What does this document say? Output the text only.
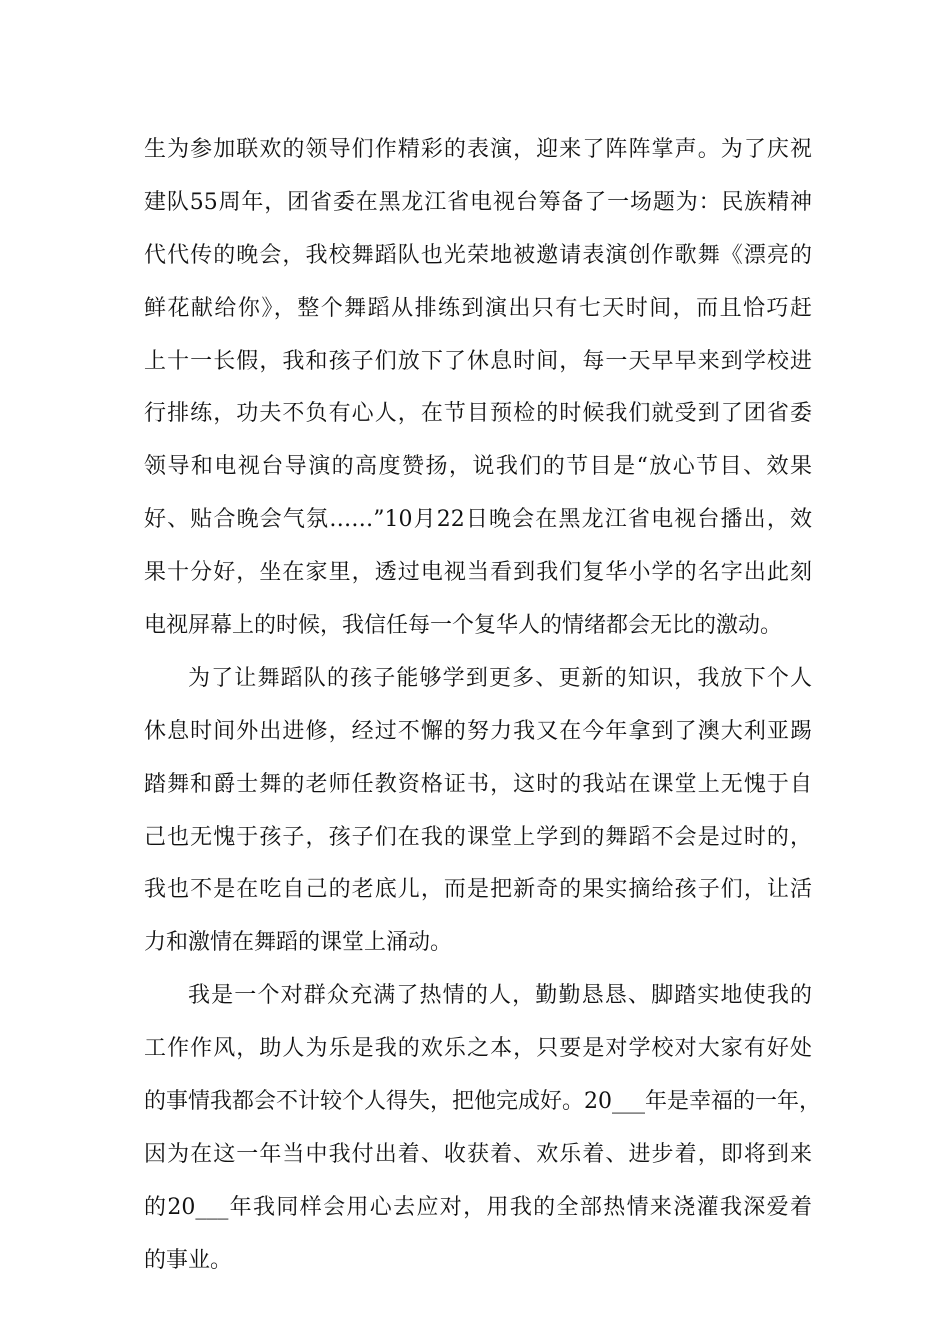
生为参加联欢的领导们作精彩的表演，迎来了阵阵掌声。为了庆祝
建队55周年，团省委在黑龙江省电视台筹备了一场题为：民族精神
代代传的晚会，我校舞蹈队也光荣地被邀请表演创作歌舞《漂亮的
鲜花献给你》，整个舞蹈从排练到演出只有七天时间，而且恰巧赶
上十一长假，我和孩子们放下了休息时间，每一天早早来到学校进
行排练，功夫不负有心人，在节目预检的时候我们就受到了团省委
领导和电视台导演的高度赞扬，说我们的节目是“放心节目、效果
好、贴合晚会气氛……”10月22日晚会在黑龙江省电视台播出，效
果十分好，坐在家里，透过电视当看到我们复华小学的名字出此刻
电视屏幕上的时候，我信任每一个复华人的情绪都会无比的激动。
为了让舞蹈队的孩子能够学到更多、更新的知识，我放下个人
休息时间外出进修，经过不懈的努力我又在今年拿到了澳大利亚踢
踏舞和爵士舞的老师任教资格证书，这时的我站在课堂上无愧于自
己也无愧于孩子，孩子们在我的课堂上学到的舞蹈不会是过时的，
我也不是在吃自己的老底儿，而是把新奇的果实摘给孩子们，让活
力和激情在舞蹈的课堂上涌动。
我是一个对群众充满了热情的人，勤勤恳恳、脚踏实地使我的
工作作风，助人为乐是我的欢乐之本，只要是对学校对大家有好处
的事情我都会不计较个人得失，把他完成好。20___年是幸福的一年，
因为在这一年当中我付出着、收获着、欢乐着、进步着，即将到来
的20___年我同样会用心去应对，用我的全部热情来浇灌我深爱着
的事业。
